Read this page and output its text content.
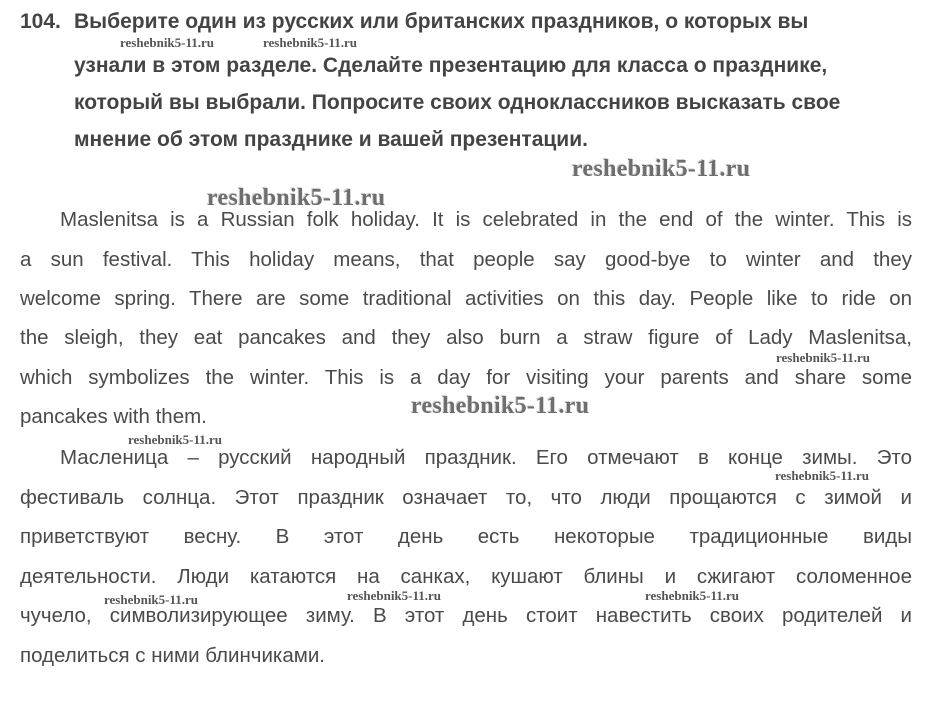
104. Выберите один из русских или британских праздников, о которых вы
узнали в этом разделе. Сделайте презентацию для класса о празднике,
который вы выбрали. Попросите своих одноклассников высказать свое
мнение об этом празднике и вашей презентации.
Maslenitsa is a Russian folk holiday. It is celebrated in the end of the winter. This is
a sun festival. This holiday means, that people say good-bye to winter and they
welcome spring. There are some traditional activities on this day. People like to ride on
the sleigh, they eat pancakes and they also burn a straw figure of Lady Maslenitsa,
which symbolizes the winter. This is a day for visiting your parents and share some
pancakes with them.
Масленица – русский народный праздник. Его отмечают в конце зимы. Это
фестиваль солнца. Этот праздник означает то, что люди прощаются с зимой и
приветствуют весну. В этот день есть некоторые традиционные виды
деятельности. Люди катаются на санках, кушают блины и сжигают соломенное
чучело, символизирующее зиму. В этот день стоит навестить своих родителей и
поделиться с ними блинчиками.
reshebnik5-11.ru	reshebnik5-11.ru
reshebnik5-11.ru
reshebnik5-11.ru
reshebnik5-11.ru
reshebnik5-11.ru
reshebnik5-11.ru
reshebnik5-11.ru
reshebnik5-11.ru	reshebnik5-11.ru	reshebnik5-11.ru
